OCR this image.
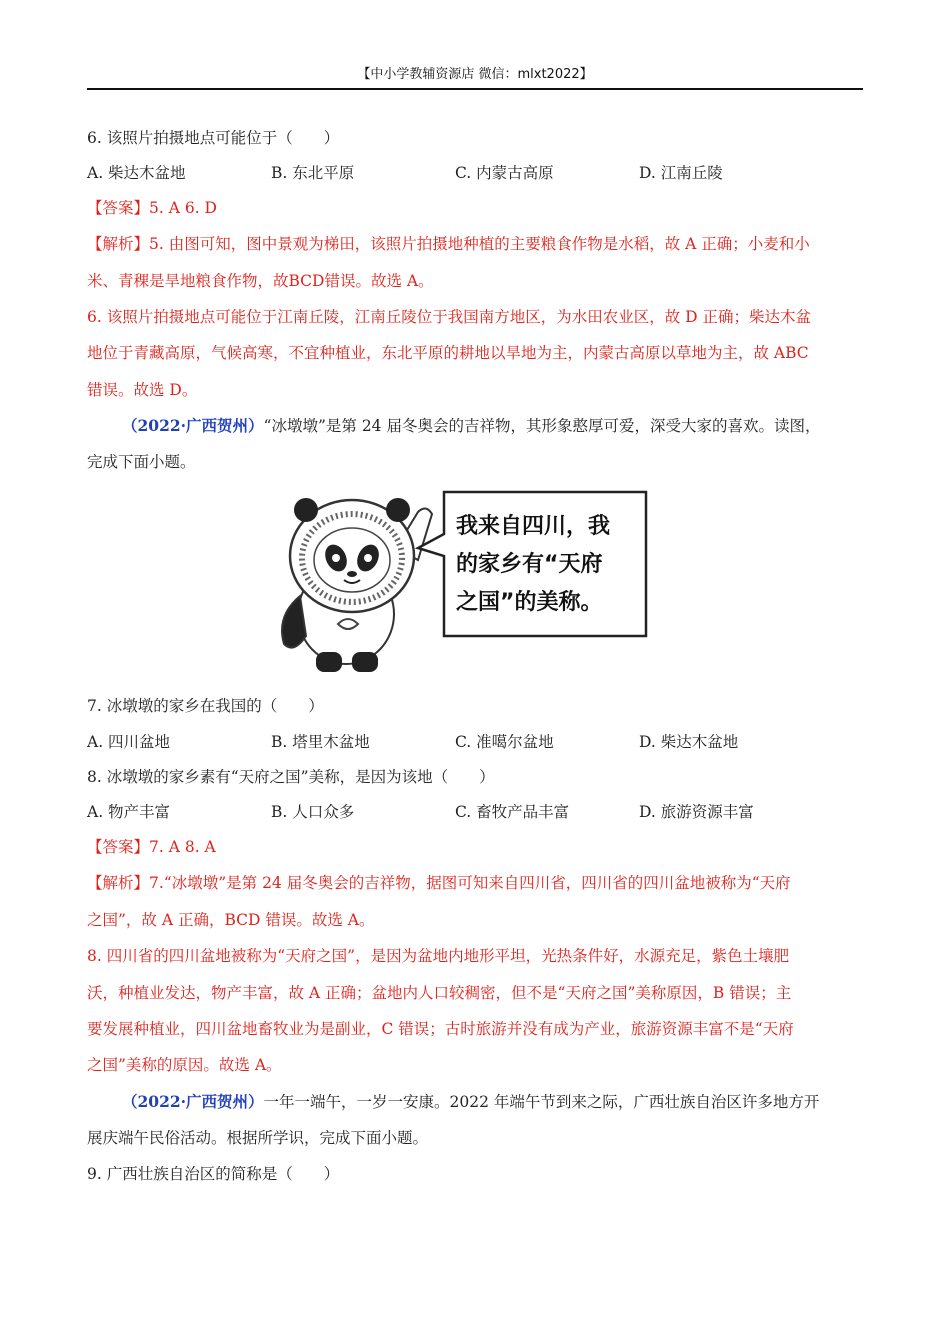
【中小学教辅资源店 微信：mlxt2022】
6. 该照片拍摄地点可能位于（　　）
A. 柴达木盆地	B. 东北平原	C. 内蒙古高原	D. 江南丘陵
【答案】5. A 6. D
【解析】5. 由图可知，图中景观为梯田，该照片拍摄地种植的主要粮食作物是水稻，故 A 正确；小麦和小
米、青稞是旱地粮食作物，故BCD错误。故选 A。
6. 该照片拍摄地点可能位于江南丘陵，江南丘陵位于我国南方地区，为水田农业区，故 D 正确；柴达木盆
地位于青藏高原，气候高寒，不宜种植业，东北平原的耕地以旱地为主，内蒙古高原以草地为主，故 ABC
错误。故选 D。
（2022·广西贺州）“冰墩墩”是第 24 届冬奥会的吉祥物，其形象憨厚可爱，深受大家的喜欢。读图，
完成下面小题。
我来自四川，我
的家乡有“天府
之国”的美称。
7. 冰墩墩的家乡在我国的（　　）
A. 四川盆地	B. 塔里木盆地	C. 准噶尔盆地	D. 柴达木盆地
8. 冰墩墩的家乡素有“天府之国”美称，是因为该地（　　）
A. 物产丰富	B. 人口众多	C. 畜牧产品丰富	D. 旅游资源丰富
【答案】7. A 8. A
【解析】7.“冰墩墩”是第 24 届冬奥会的吉祥物，据图可知来自四川省，四川省的四川盆地被称为“天府
之国”，故 A 正确，BCD 错误。故选 A。
8. 四川省的四川盆地被称为“天府之国”，是因为盆地内地形平坦，光热条件好，水源充足，紫色土壤肥
沃，种植业发达，物产丰富，故 A 正确；盆地内人口较稠密，但不是“天府之国”美称原因，B 错误；主
要发展种植业，四川盆地畜牧业为是副业，C 错误；古时旅游并没有成为产业，旅游资源丰富不是“天府
之国”美称的原因。故选 A。
（2022·广西贺州）一年一端午，一岁一安康。2022 年端午节到来之际，广西壮族自治区许多地方开
展庆端午民俗活动。根据所学识，完成下面小题。
9. 广西壮族自治区的简称是（　　）
